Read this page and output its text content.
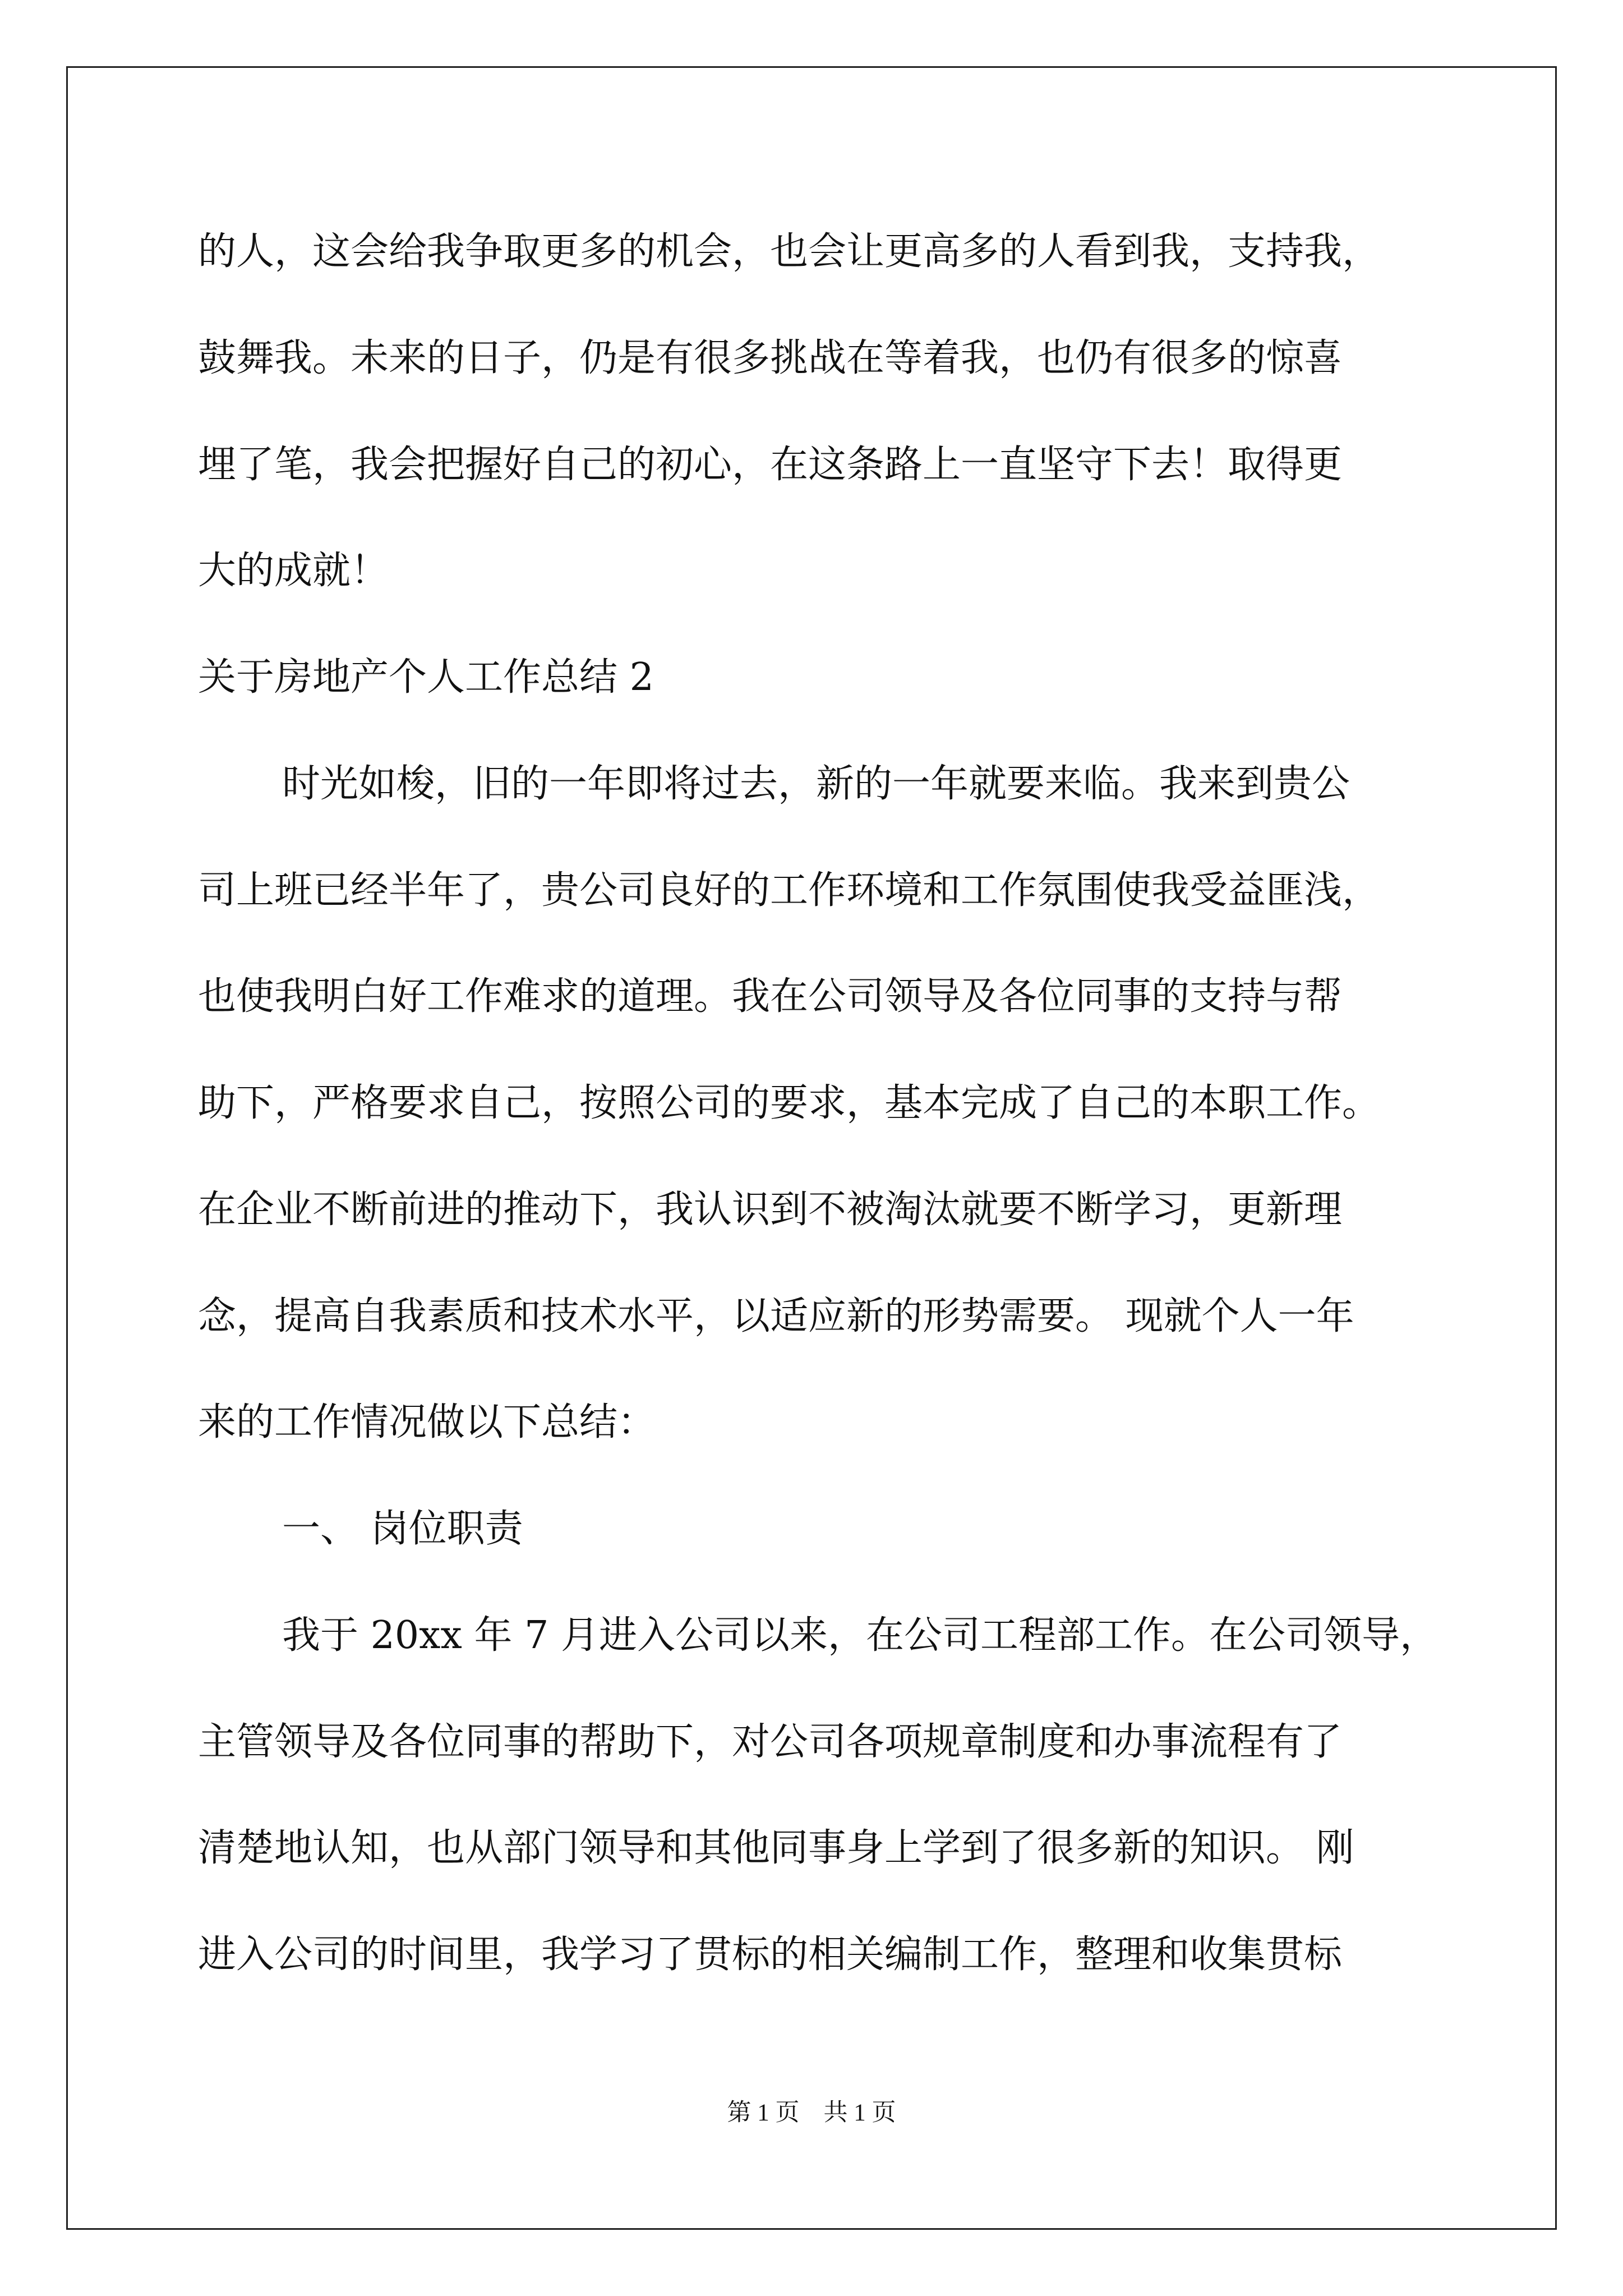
的人，这会给我争取更多的机会，也会让更高多的人看到我，支持我，
鼓舞我。未来的日子，仍是有很多挑战在等着我，也仍有很多的惊喜
埋了笔，我会把握好自己的初心，在这条路上一直坚守下去！取得更
大的成就！
关于房地产个人工作总结 2
时光如梭，旧的一年即将过去，新的一年就要来临。我来到贵公
司上班已经半年了，贵公司良好的工作环境和工作氛围使我受益匪浅，
也使我明白好工作难求的道理。我在公司领导及各位同事的支持与帮
助下，严格要求自己，按照公司的要求，基本完成了自己的本职工作。
在企业不断前进的推动下，我认识到不被淘汰就要不断学习，更新理
念，提高自我素质和技术水平，以适应新的形势需要。 现就个人一年
来的工作情况做以下总结：
一、 岗位职责
我于 20xx 年 7 月进入公司以来，在公司工程部工作。在公司领导，
主管领导及各位同事的帮助下，对公司各项规章制度和办事流程有了
清楚地认知，也从部门领导和其他同事身上学到了很多新的知识。 刚
进入公司的时间里，我学习了贯标的相关编制工作，整理和收集贯标
第 1 页    共 1 页
